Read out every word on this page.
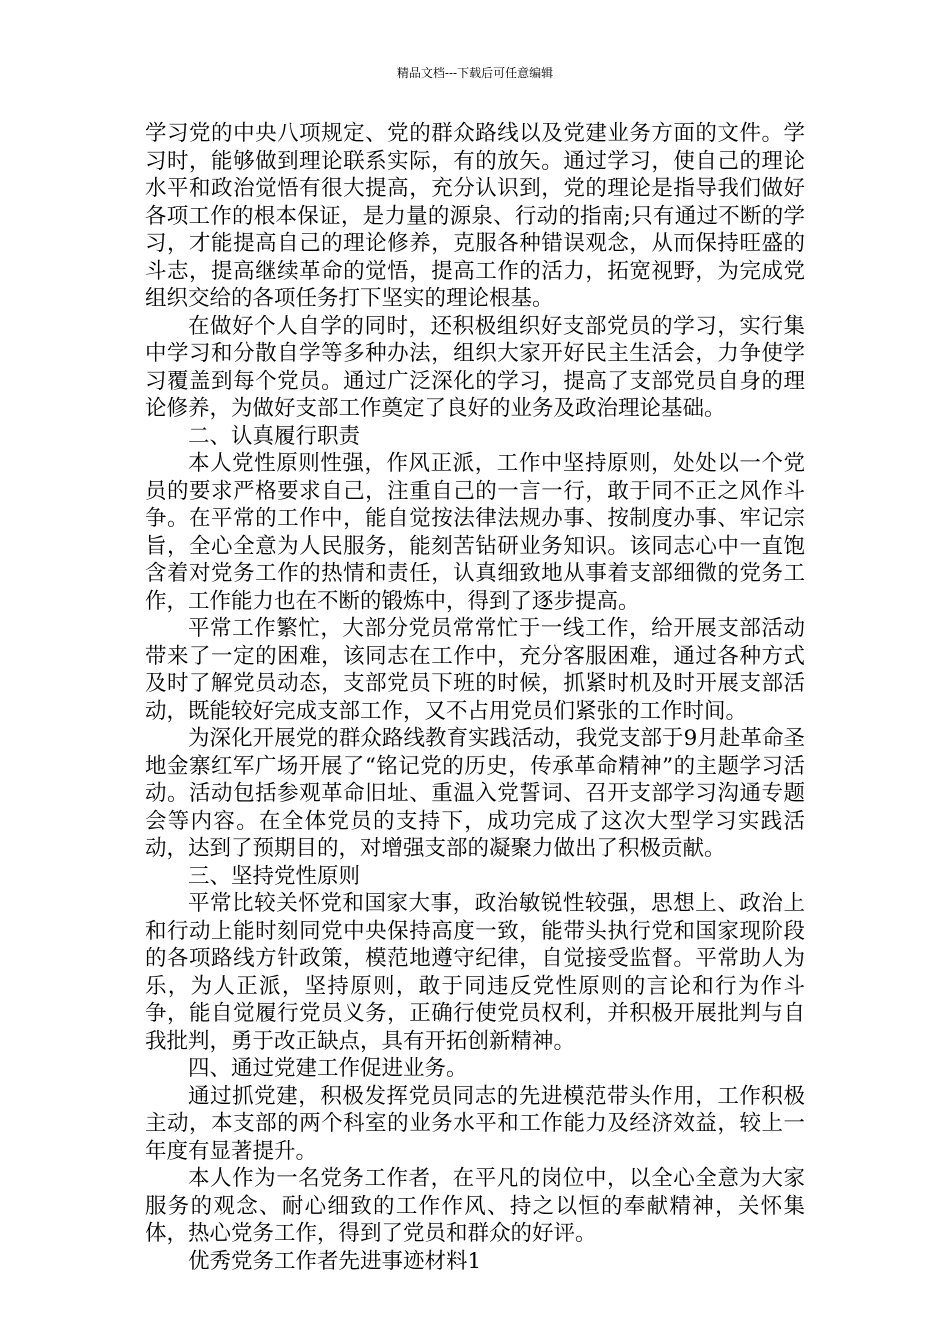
精品文档---下载后可任意编辑

学习党的中央八项规定、党的群众路线以及党建业务方面的文件。学习时，能够做到理论联系实际，有的放矢。通过学习，使自己的理论水平和政治觉悟有很大提高，充分认识到，党的理论是指导我们做好各项工作的根本保证，是力量的源泉、行动的指南;只有通过不断的学习，才能提高自己的理论修养，克服各种错误观念，从而保持旺盛的斗志，提高继续革命的觉悟，提高工作的活力，拓宽视野，为完成党组织交给的各项任务打下坚实的理论根基。

在做好个人自学的同时，还积极组织好支部党员的学习，实行集中学习和分散自学等多种办法，组织大家开好民主生活会，力争使学习覆盖到每个党员。通过广泛深化的学习，提高了支部党员自身的理论修养，为做好支部工作奠定了良好的业务及政治理论基础。

二、认真履行职责

本人党性原则性强，作风正派，工作中坚持原则，处处以一个党员的要求严格要求自己，注重自己的一言一行，敢于同不正之风作斗争。在平常的工作中，能自觉按法律法规办事、按制度办事、牢记宗旨，全心全意为人民服务，能刻苦钻研业务知识。该同志心中一直饱含着对党务工作的热情和责任，认真细致地从事着支部细微的党务工作，工作能力也在不断的锻炼中，得到了逐步提高。

平常工作繁忙，大部分党员常常忙于一线工作，给开展支部活动带来了一定的困难，该同志在工作中，充分客服困难，通过各种方式及时了解党员动态，支部党员下班的时候，抓紧时机及时开展支部活动，既能较好完成支部工作，又不占用党员们紧张的工作时间。

为深化开展党的群众路线教育实践活动，我党支部于9月赴革命圣地金寨红军广场开展了“铭记党的历史，传承革命精神”的主题学习活动。活动包括参观革命旧址、重温入党誓词、召开支部学习沟通专题会等内容。在全体党员的支持下，成功完成了这次大型学习实践活动，达到了预期目的，对增强支部的凝聚力做出了积极贡献。

三、坚持党性原则

平常比较关怀党和国家大事，政治敏锐性较强，思想上、政治上和行动上能时刻同党中央保持高度一致，能带头执行党和国家现阶段的各项路线方针政策，模范地遵守纪律，自觉接受监督。平常助人为乐，为人正派，坚持原则，敢于同违反党性原则的言论和行为作斗争，能自觉履行党员义务，正确行使党员权利，并积极开展批判与自我批判，勇于改正缺点，具有开拓创新精神。

四、通过党建工作促进业务。

通过抓党建，积极发挥党员同志的先进模范带头作用，工作积极主动，本支部的两个科室的业务水平和工作能力及经济效益，较上一年度有显著提升。

本人作为一名党务工作者，在平凡的岗位中，以全心全意为大家服务的观念、耐心细致的工作作风、持之以恒的奉献精神，关怀集体，热心党务工作，得到了党员和群众的好评。

优秀党务工作者先进事迹材料1
